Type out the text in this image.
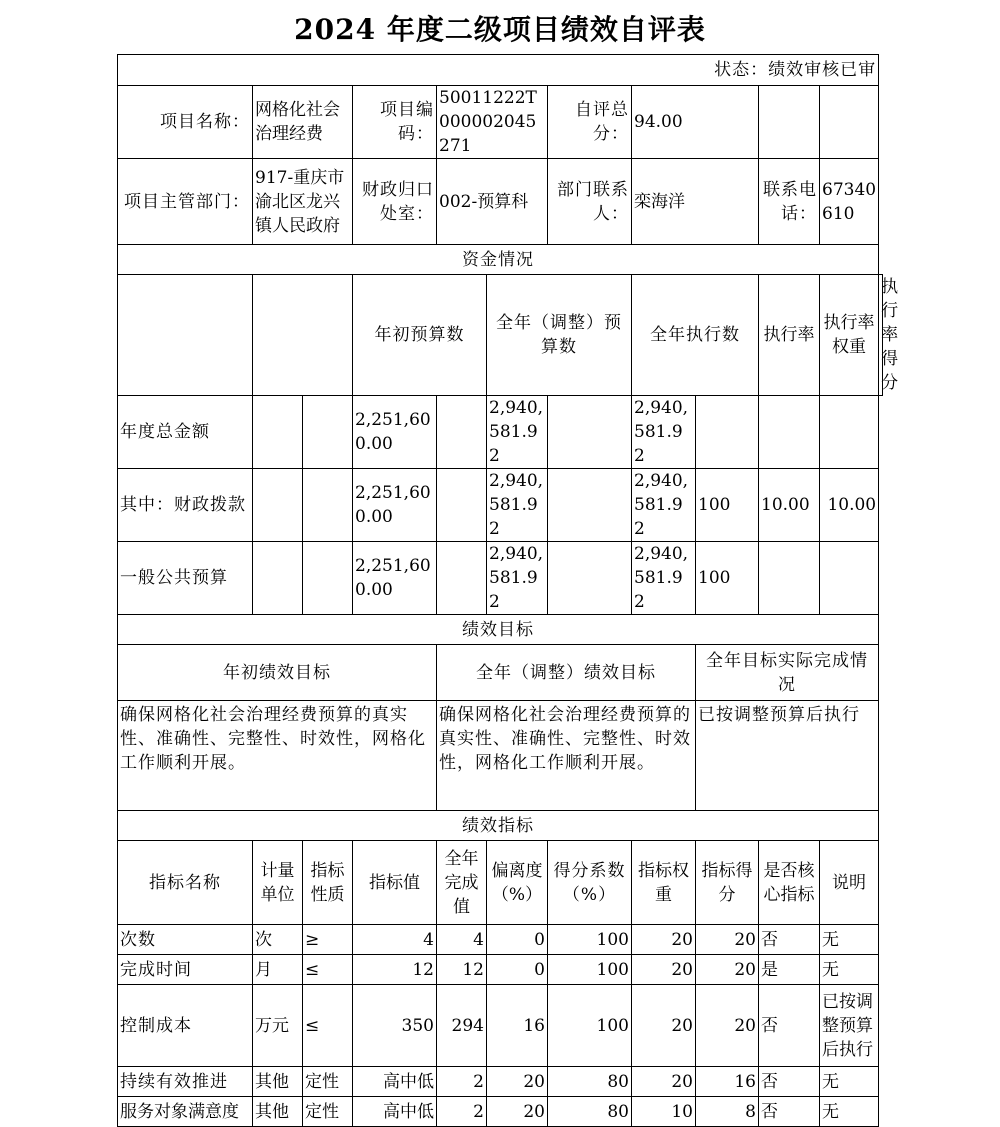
2024 年度二级项目绩效自评表
状态：绩效审核已审											
项目名称：	网格化社会治理经费		项目编码：	50011222T000002045271		自评总分：	94.00				
项目主管部门：	917-重庆市渝北区龙兴镇人民政府		财政归口处室：	002-预算科		部门联系人：	栾海洋		联系电话：	67340610	
资金情况											
			年初预算数		全年（调整）预算数		全年执行数		执行率	执行率权重	执行率得分
年度总金额			2,251,600.00		2,940,581.92		2,940,581.92				
其中：财政拨款			2,251,600.00		2,940,581.92		2,940,581.92	100	10.00	10.00	
一般公共预算			2,251,600.00		2,940,581.92		2,940,581.92	100			
绩效目标											
年初绩效目标				全年（调整）绩效目标				全年目标实际完成情况			
确保网格化社会治理经费预算的真实性、准确性、完整性、时效性，网格化工作顺利开展。				确保网格化社会治理经费预算的真实性、准确性、完整性、时效性，网格化工作顺利开展。				已按调整预算后执行			
绩效指标											
指标名称	计量单位	指标性质	指标值	全年完成值	偏离度（%）	得分系数（%）	指标权重	指标得分	是否核心指标	说明	
次数	次	≥	4	4	0	100	20	20	否	无	
完成时间	月	≤	12	12	0	100	20	20	是	无	
控制成本	万元	≤	350	294	16	100	20	20	否	已按调整预算后执行	
持续有效推进	其他	定性	高中低	2	20	80	20	16	否	无	
服务对象满意度	其他	定性	高中低	2	20	80	10	8	否	无	
